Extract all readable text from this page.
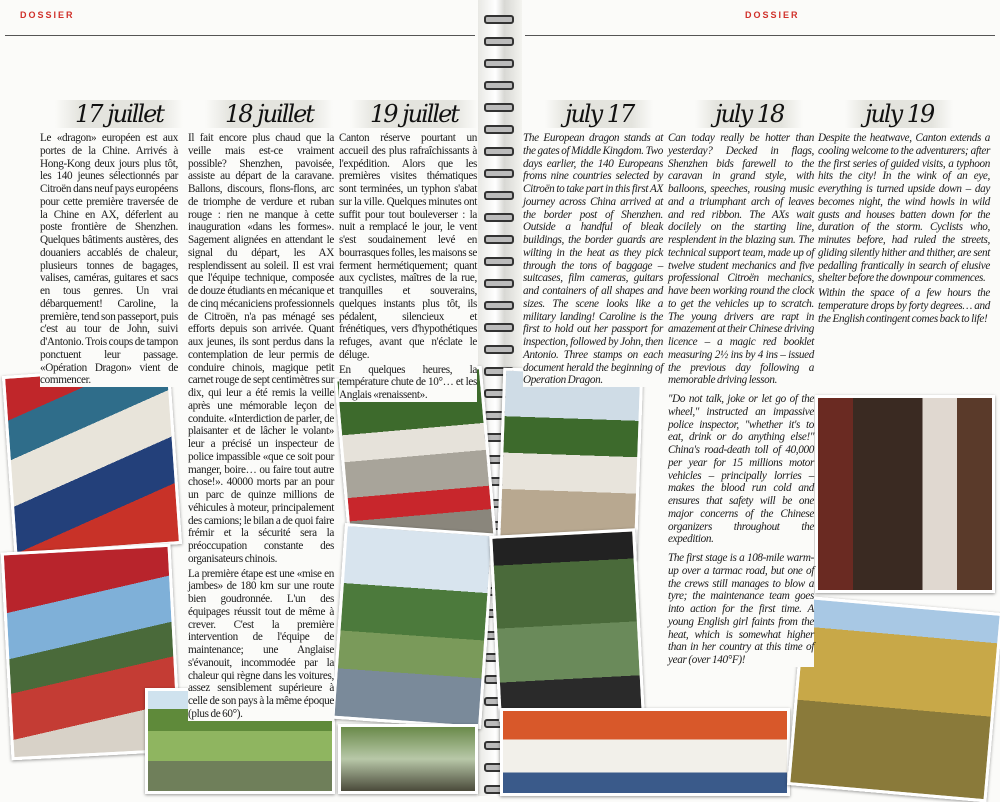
DOSSIER	DOSSIER
17 juillet

Le «dragon» européen est aux portes de la Chine. Arrivés à Hong-Kong deux jours plus tôt, les 140 jeunes sélectionnés par Citroën dans neuf pays européens pour cette première traversée de la Chine en AX, déferlent au poste frontière de Shenzhen. Quelques bâtiments austères, des douaniers accablés de chaleur, plusieurs tonnes de bagages, valises, caméras, guitares et sacs en tous genres. Un vrai débarquement! Caroline, la première, tend son passeport, puis c'est au tour de John, suivi d'Antonio. Trois coups de tampon ponctuent leur passage. «Opération Dragon» vient de commencer.

18 juillet

Il fait encore plus chaud que la veille mais est-ce vraiment possible? Shenzhen, pavoisée, assiste au départ de la caravane. Ballons, discours, flons-flons, arc de triomphe de verdure et ruban rouge : rien ne manque à cette inauguration «dans les formes». Sagement alignées en attendant le signal du départ, les AX resplendissent au soleil. Il est vrai que l'équipe technique, composée de douze étudiants en mécanique et de cinq mécaniciens professionnels de Citroën, n'a pas ménagé ses efforts depuis son arrivée. Quant aux jeunes, ils sont perdus dans la contemplation de leur permis de conduire chinois, magique petit carnet rouge de sept centimètres sur dix, qui leur a été remis la veille après une mémorable leçon de conduite. «Interdiction de parler, de plaisanter et de lâcher le volant» leur a précisé un inspecteur de police impassible «que ce soit pour manger, boire… ou faire tout autre chose!». 40000 morts par an pour un parc de quinze millions de véhicules à moteur, principalement des camions; le bilan a de quoi faire frémir et la sécurité sera la préoccupation constante des organisateurs chinois.

La première étape est une «mise en jambes» de 180 km sur une route bien goudronnée. L'un des équipages réussit tout de même à crever. C'est la première intervention de l'équipe de maintenance; une Anglaise s'évanouit, incommodée par la chaleur qui règne dans les voitures, assez sensiblement supérieure à celle de son pays à la même époque (plus de 60°).

19 juillet

Canton réserve pourtant un accueil des plus rafraîchissants à l'expédition. Alors que les premières visites thématiques sont terminées, un typhon s'abat sur la ville. Quelques minutes ont suffit pour tout bouleverser : la nuit a remplacé le jour, le vent s'est soudainement levé en bourrasques folles, les maisons se ferment hermétiquement; quant aux cyclistes, maîtres de la rue, tranquilles et souverains, quelques instants plus tôt, ils pédalent, silencieux et frénétiques, vers d'hypothétiques refuges, avant que n'éclate le déluge.

En quelques heures, la température chute de 10°… et les Anglais «renaissent».

july 17

The European dragon stands at the gates of Middle Kingdom. Two days earlier, the 140 Europeans froms nine countries selected by Citroën to take part in this first AX journey across China arrived at the border post of Shenzhen. Outside a handful of bleak buildings, the border guards are wilting in the heat as they pick through the tons of baggage – suitcases, film cameras, guitars and containers of all shapes and sizes. The scene looks like a military landing! Caroline is the first to hold out her passport for inspection, followed by John, then Antonio. Three stamps on each document herald the beginning of Operation Dragon.

july 18

Can today really be hotter than yesterday? Decked in flags, Shenzhen bids farewell to the caravan in grand style, with balloons, speeches, rousing music and a triumphant arch of leaves and red ribbon. The AXs wait docilely on the starting line, resplendent in the blazing sun. The technical support team, made up of twelve student mechanics and five professional Citroën mechanics, have been working round the clock to get the vehicles up to scratch. The young drivers are rapt in amazement at their Chinese driving licence – a magic red booklet measuring 2½ ins by 4 ins – issued the previous day following a memorable driving lesson.

''Do not talk, joke or let go of the wheel,'' instructed an impassive police inspector, ''whether it's to eat, drink or do anything else!'' China's road-death toll of 40,000 per year for 15 millions motor vehicles – principally lorries – makes the blood run cold and ensures that safety will be one major concerns of the Chinese organizers throughout the expedition.

The first stage is a 108-mile warm-up over a tarmac road, but one of the crews still manages to blow a tyre; the maintenance team goes into action for the first time. A young English girl faints from the heat, which is somewhat higher than in her country at this time of year (over 140°F)!

july 19

Despite the heatwave, Canton extends a cooling welcome to the adventurers; after the first series of guided visits, a typhoon hits the city! In the wink of an eye, everything is turned upside down – day becomes night, the wind howls in wild gusts and houses batten down for the duration of the storm. Cyclists who, minutes before, had ruled the streets, gliding silently hither and thither, are sent pedalling frantically in search of elusive shelter before the downpour commences.

Within the space of a few hours the temperature drops by forty degrees… and the English contingent comes back to life!
